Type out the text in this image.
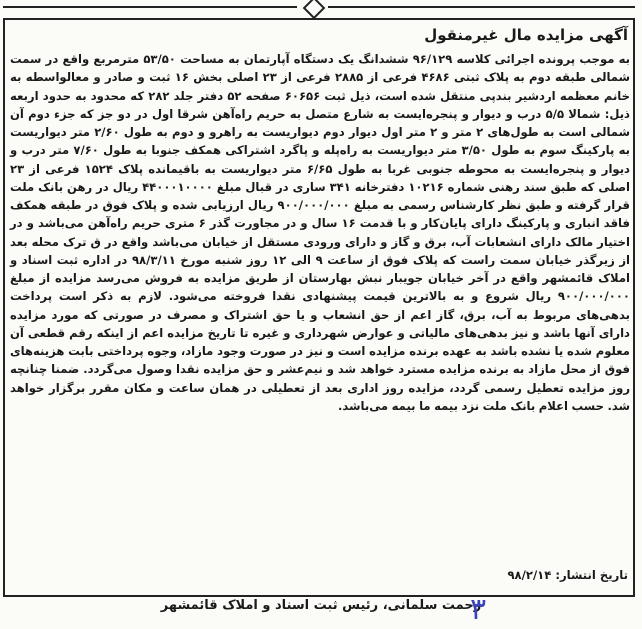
آگهی مزایده مال غیرمنقول

به موجب پرونده اجرائی کلاسه ۹۶/۱۲۹ ششدانگ یک دستگاه آپارتمان به مساحت ۵۳/۵۰ مترمربع واقع در سمت شمالی طبقه دوم به پلاک ثبتی ۴۶۸۶ فرعی از ۲۸۸۵ فرعی از ۲۳ اصلی بخش ۱۶ ثبت و صادر و معالواسطه به خانم معظمه اردشیر بندپی منتقل شده است، ذیل ثبت ۶۰۶۵۶ صفحه ۵۲ دفتر جلد ۲۸۲ که محدود به حدود اربعه ذیل: شمالا ۵/۵ درب و دیوار و پنجره‌ایست به شارع متصل به حریم راه‌آهن شرقا اول در دو جز که جزء دوم آن شمالی است به طول‌های ۲ متر و ۲ متر اول دیوار دوم دیواریست به راهرو و دوم به طول ۲/۶۰ متر دیواریست به پارکینگ سوم به طول ۳/۵۰ متر دیواریست به راه‌پله و پاگرد اشتراکی همکف جنوبا به طول ۷/۶۰ متر درب و دیوار و پنجره‌ایست به محوطه جنوبی غربا به طول ۶/۶۵ متر دیواریست به باقیمانده پلاک ۱۵۲۴ فرعی از ۲۳ اصلی که طبق سند رهنی شماره ۱۰۲۱۶ دفترخانه ۳۴۱ ساری در قبال مبلغ ۴۴۰۰۰۱۰۰۰۰ ریال در رهن بانک ملت قرار گرفته و طبق نظر کارشناس رسمی به مبلغ ۹۰۰/۰۰۰/۰۰۰ ریال ارزیابی شده و پلاک فوق در طبقه همکف فاقد انباری و پارکینگ دارای پایان‌کار و با قدمت ۱۶ سال و در مجاورت گذر ۶ متری حریم راه‌آهن می‌باشد و در اختیار مالک دارای انشعابات آب، برق و گاز و دارای ورودی مستقل از خیابان می‌باشد واقع در ق ترک محله بعد از زیرگذر خیابان سمت راست که پلاک فوق از ساعت ۹ الی ۱۲ روز شنبه مورخ ۹۸/۳/۱۱ در اداره ثبت اسناد و املاک قائمشهر واقع در آخر خیابان جویبار نبش بهارستان از طریق مزایده به فروش می‌رسد مزایده از مبلغ ۹۰۰/۰۰۰/۰۰۰ ریال شروع و به بالاترین قیمت پیشنهادی نقدا فروخته می‌شود. لازم به ذکر است پرداخت بدهی‌های مربوط به آب، برق، گاز اعم از حق انشعاب و یا حق اشتراک و مصرف در صورتی که مورد مزایده دارای آنها باشد و نیز بدهی‌های مالیاتی و عوارض شهرداری و غیره تا تاریخ مزایده اعم از اینکه رقم قطعی آن معلوم شده یا نشده باشد به عهده برنده مزایده است و نیز در صورت وجود مازاد، وجوه پرداختی بابت هزینه‌های فوق از محل مازاد به برنده مزایده مسترد خواهد شد و نیم‌عشر و حق مزایده نقدا وصول می‌گردد. ضمنا چنانچه روز مزایده تعطیل رسمی گردد، مزایده روز اداری بعد از تعطیلی در همان ساعت و مکان مقرر برگزار خواهد شد. حسب اعلام بانک ملت نزد بیمه ما بیمه می‌باشد.

تاریخ انتشار:۹۸/۲/۱۴

رحمت سلمانی، رئیس ثبت اسناد و املاک قائمشهر

۳
